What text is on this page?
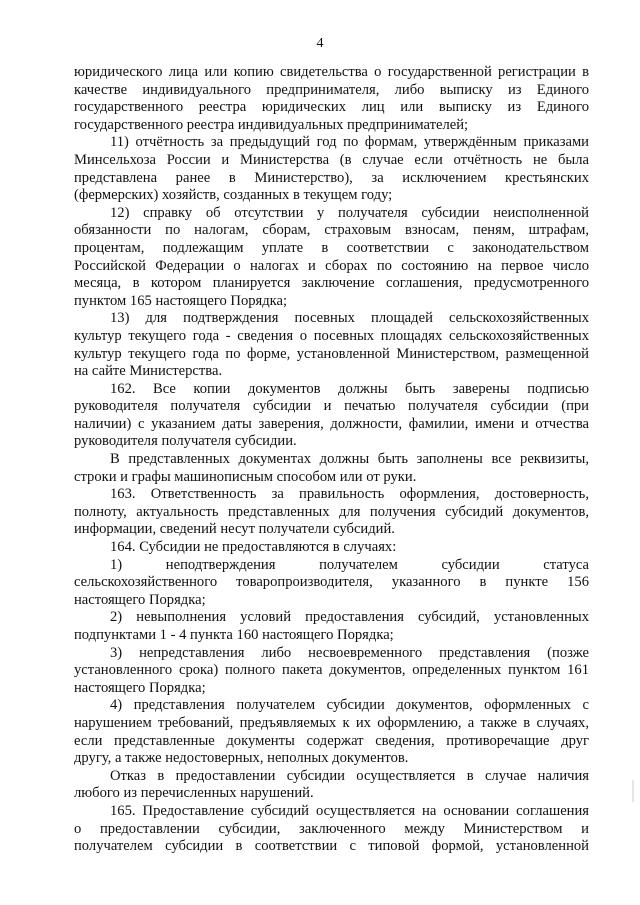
4
юридического лица или копию свидетельства о государственной регистрации в
качестве индивидуального предпринимателя, либо выписку из Единого
государственного реестра юридических лиц или выписку из Единого
государственного реестра индивидуальных предпринимателей;
11) отчётность за предыдущий год по формам, утверждённым приказами
Минсельхоза России и Министерства (в случае если отчётность не была
представлена ранее в Министерство), за исключением крестьянских
(фермерских) хозяйств, созданных в текущем году;
12) справку об отсутствии у получателя субсидии неисполненной
обязанности по налогам, сборам, страховым взносам, пеням, штрафам,
процентам, подлежащим уплате в соответствии с законодательством
Российской Федерации о налогах и сборах по состоянию на первое число
месяца, в котором планируется заключение соглашения, предусмотренного
пунктом 165 настоящего Порядка;
13) для подтверждения посевных площадей сельскохозяйственных
культур текущего года - сведения о посевных площадях сельскохозяйственных
культур текущего года по форме, установленной Министерством, размещенной
на сайте Министерства.
162. Все копии документов должны быть заверены подписью
руководителя получателя субсидии и печатью получателя субсидии (при
наличии) с указанием даты заверения, должности, фамилии, имени и отчества
руководителя получателя субсидии.
В представленных документах должны быть заполнены все реквизиты,
строки и графы машинописным способом или от руки.
163. Ответственность за правильность оформления, достоверность,
полноту, актуальность представленных для получения субсидий документов,
информации, сведений несут получатели субсидий.
164. Субсидии не предоставляются в случаях:
1) неподтверждения получателем субсидии статуса
сельскохозяйственного товаропроизводителя, указанного в пункте 156
настоящего Порядка;
2) невыполнения условий предоставления субсидий, установленных
подпунктами 1 - 4 пункта 160 настоящего Порядка;
3) непредставления либо несвоевременного представления (позже
установленного срока) полного пакета документов, определенных пунктом 161
настоящего Порядка;
4) представления получателем субсидии документов, оформленных с
нарушением требований, предъявляемых к их оформлению, а также в случаях,
если представленные документы содержат сведения, противоречащие друг
другу, а также недостоверных, неполных документов.
Отказ в предоставлении субсидии осуществляется в случае наличия
любого из перечисленных нарушений.
165. Предоставление субсидий осуществляется на основании соглашения
о предоставлении субсидии, заключенного между Министерством и
получателем субсидии в соответствии с типовой формой, установленной
